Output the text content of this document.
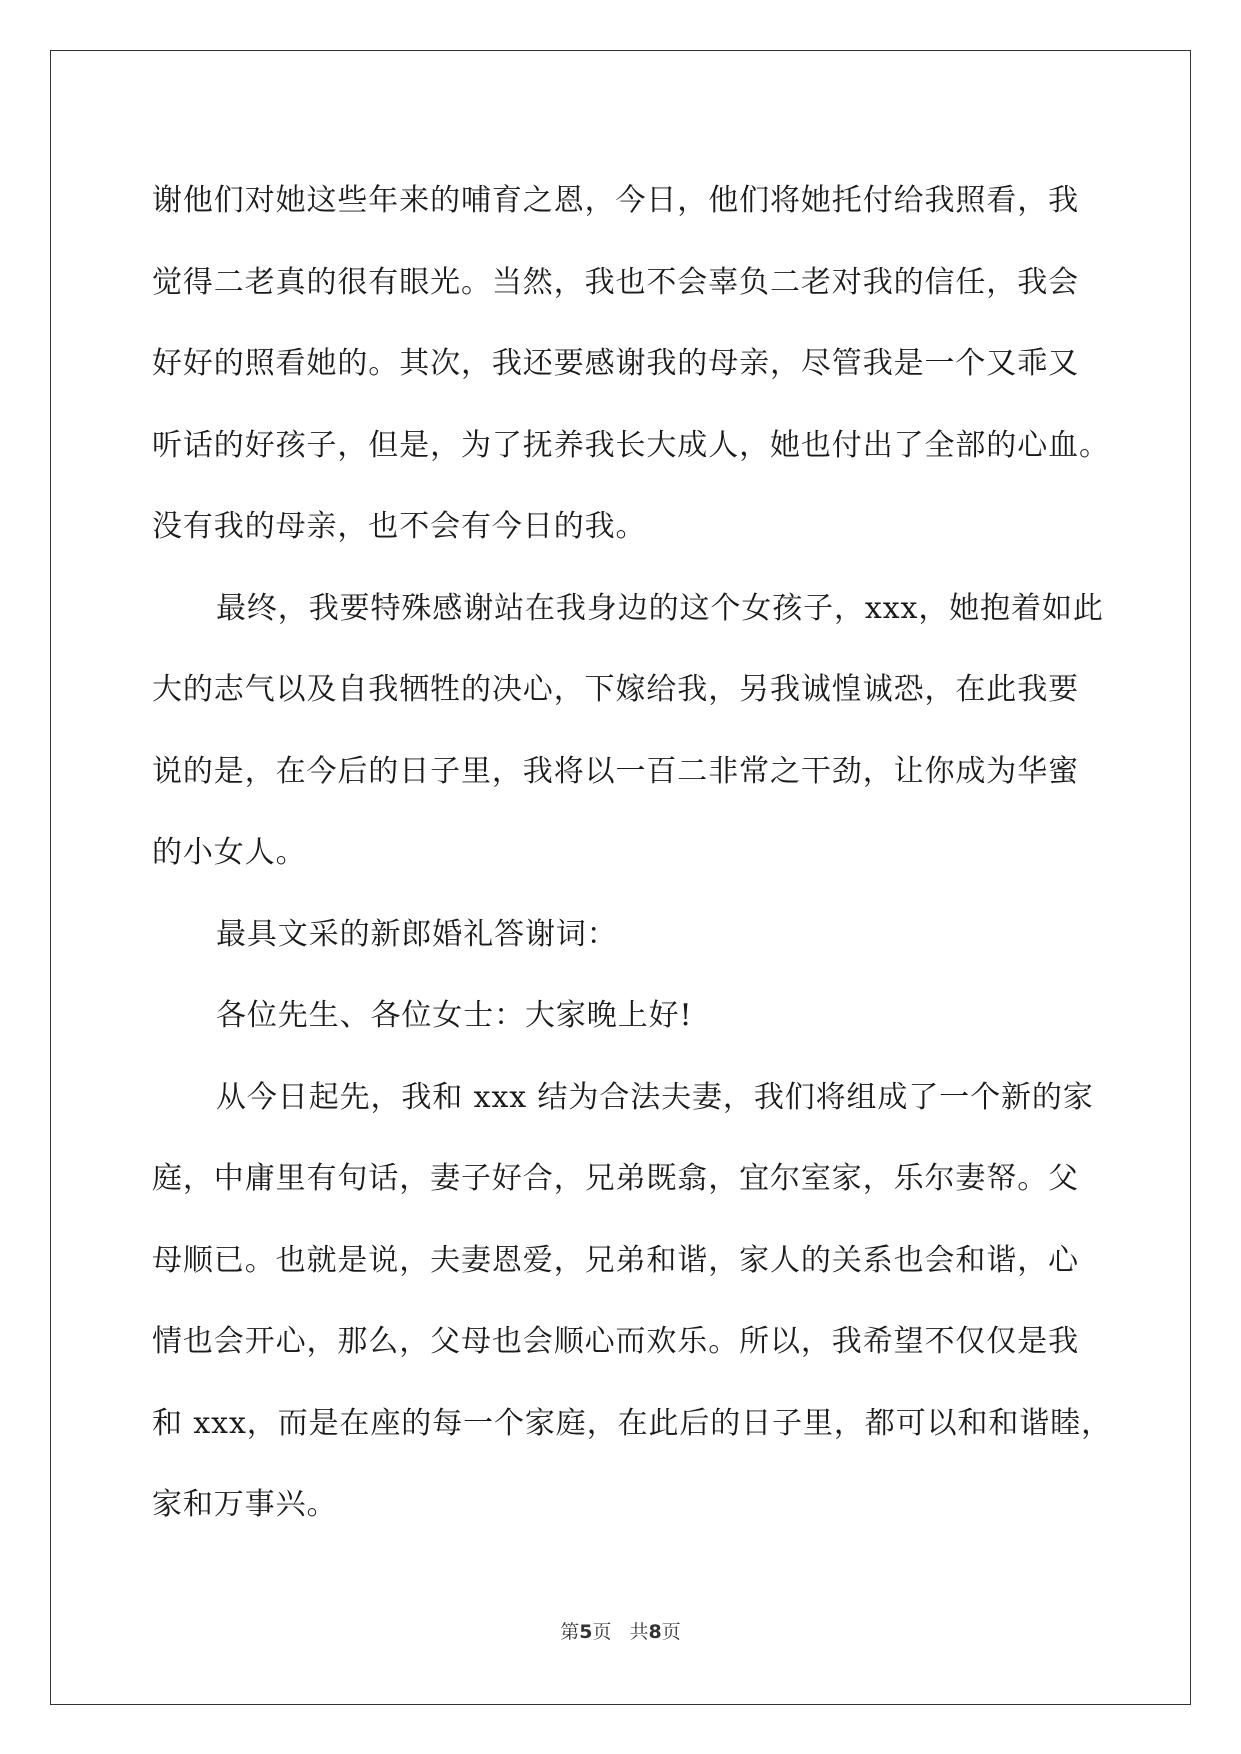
谢他们对她这些年来的哺育之恩，今日，他们将她托付给我照看，我
觉得二老真的很有眼光。当然，我也不会辜负二老对我的信任，我会
好好的照看她的。其次，我还要感谢我的母亲，尽管我是一个又乖又
听话的好孩子，但是，为了抚养我长大成人，她也付出了全部的心血。
没有我的母亲，也不会有今日的我。
最终，我要特殊感谢站在我身边的这个女孩子，xxx，她抱着如此
大的志气以及自我牺牲的决心，下嫁给我，另我诚惶诚恐，在此我要
说的是，在今后的日子里，我将以一百二非常之干劲，让你成为华蜜
的小女人。
最具文采的新郎婚礼答谢词：
各位先生、各位女士：大家晚上好!
从今日起先，我和 xxx 结为合法夫妻，我们将组成了一个新的家
庭，中庸里有句话，妻子好合，兄弟既翕，宜尔室家，乐尔妻帑。父
母顺已。也就是说，夫妻恩爱，兄弟和谐，家人的关系也会和谐，心
情也会开心，那么，父母也会顺心而欢乐。所以，我希望不仅仅是我
和 xxx，而是在座的每一个家庭，在此后的日子里，都可以和和谐睦，
家和万事兴。
第5页 共8页
